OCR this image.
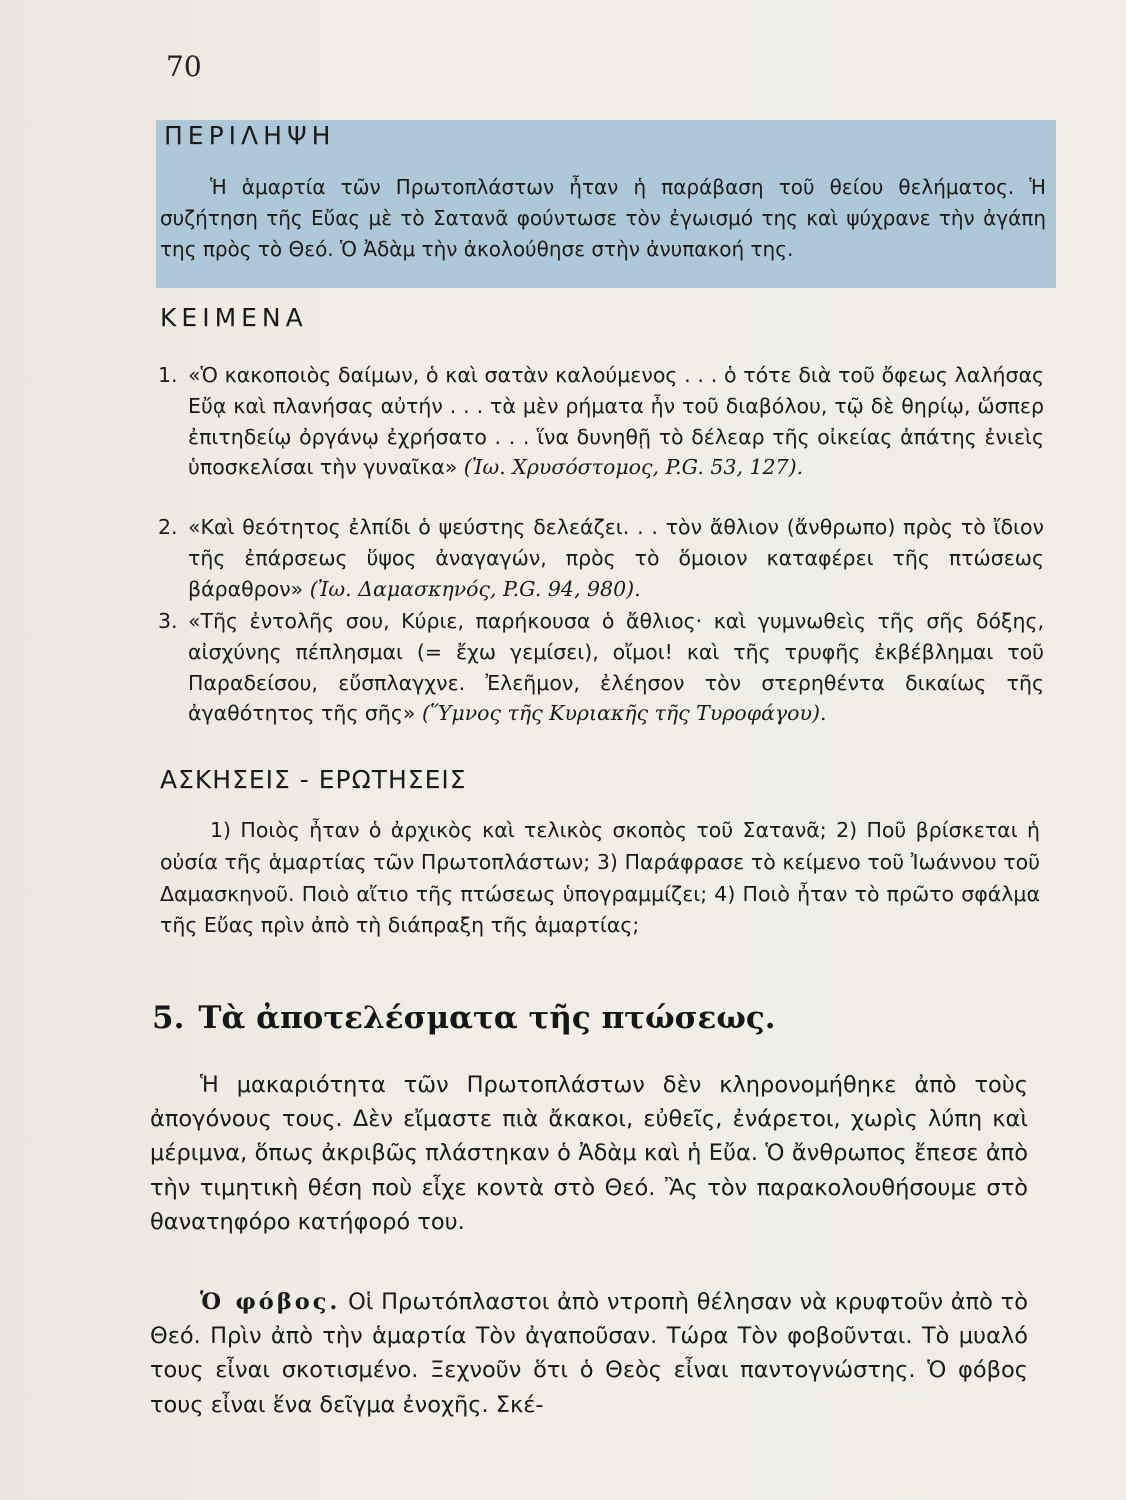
70
ΠΕΡΙΛΗΨΗ

Ἡ ἁμαρτία τῶν Πρωτοπλάστων ἦταν ἡ παράβαση τοῦ θείου θελήματος. Ἡ συζήτηση τῆς Εὔας μὲ τὸ Σατανᾶ φούντωσε τὸν ἐγωισμό της καὶ ψύχρανε τὴν ἀγάπη της πρὸς τὸ Θεό. Ὁ Ἀδὰμ τὴν ἀκολούθησε στὴν ἀνυπακοή της.

ΚΕΙΜΕΝΑ
1. «Ὁ κακοποιὸς δαίμων, ὁ καὶ σατὰν καλούμενος . . . ὁ τότε διὰ τοῦ ὄφεως λαλήσας Εὔᾳ καὶ πλανήσας αὐτήν . . . τὰ μὲν ρήματα ἦν τοῦ διαβόλου, τῷ δὲ θηρίῳ, ὥσπερ ἐπιτηδείῳ ὀργάνῳ ἐχρήσατο . . . ἵνα δυνηθῇ τὸ δέλεαρ τῆς οἰκείας ἀπάτης ἐνιεὶς ὑποσκελίσαι τὴν γυναῖκα» (Ἰω. Χρυσόστομος, P.G. 53, 127).
2. «Καὶ θεότητος ἐλπίδι ὁ ψεύστης δελεάζει. . . τὸν ἄθλιον (ἄνθρωπο) πρὸς τὸ ἴδιον τῆς ἐπάρσεως ὕψος ἀναγαγών, πρὸς τὸ ὅμοιον καταφέρει τῆς πτώσεως βάραθρον» (Ἰω. Δαμασκηνός, P.G. 94, 980).
3. «Τῆς ἐντολῆς σου, Κύριε, παρήκουσα ὁ ἄθλιος· καὶ γυμνωθεὶς τῆς σῆς δόξης, αἰσχύνης πέπλησμαι (= ἔχω γεμίσει), οἴμοι! καὶ τῆς τρυφῆς ἐκβέβλημαι τοῦ Παραδείσου, εὔσπλαγχνε. Ἐλεῆμον, ἐλέησον τὸν στερηθέντα δικαίως τῆς ἀγαθότητος τῆς σῆς» (Ὕμνος τῆς Κυριακῆς τῆς Τυροφάγου).
ΑΣΚΗΣΕΙΣ - ΕΡΩΤΗΣΕΙΣ

1) Ποιὸς ἦταν ὁ ἀρχικὸς καὶ τελικὸς σκοπὸς τοῦ Σατανᾶ; 2) Ποῦ βρίσκεται ἡ οὐσία τῆς ἁμαρτίας τῶν Πρωτοπλάστων; 3) Παράφρασε τὸ κείμενο τοῦ Ἰωάννου τοῦ Δαμασκηνοῦ. Ποιὸ αἴτιο τῆς πτώσεως ὑπογραμμίζει; 4) Ποιὸ ἦταν τὸ πρῶτο σφάλμα τῆς Εὔας πρὶν ἀπὸ τὴ διάπραξη τῆς ἁμαρτίας;

5. Τὰ ἀποτελέσματα τῆς πτώσεως.
Ἡ μακαριότητα τῶν Πρωτοπλάστων δὲν κληρονομήθηκε ἀπὸ τοὺς ἀπογόνους τους. Δὲν εἴμαστε πιὰ ἄκακοι, εὐθεῖς, ἐνάρετοι, χωρὶς λύπη καὶ μέριμνα, ὅπως ἀκριβῶς πλάστηκαν ὁ Ἀδὰμ καὶ ἡ Εὔα. Ὁ ἄνθρωπος ἔπεσε ἀπὸ τὴν τιμητικὴ θέση ποὺ εἶχε κοντὰ στὸ Θεό. Ἂς τὸν παρακολουθήσουμε στὸ θανατηφόρο κατήφορό του.
Ὁ φόβος. Οἱ Πρωτόπλαστοι ἀπὸ ντροπὴ θέλησαν νὰ κρυφτοῦν ἀπὸ τὸ Θεό. Πρὶν ἀπὸ τὴν ἁμαρτία Τὸν ἀγαποῦσαν. Τώρα Τὸν φοβοῦνται. Τὸ μυαλό τους εἶναι σκοτισμένο. Ξεχνοῦν ὅτι ὁ Θεὸς εἶναι παντογνώστης. Ὁ φόβος τους εἶναι ἕνα δεῖγμα ἐνοχῆς. Σκέ-
